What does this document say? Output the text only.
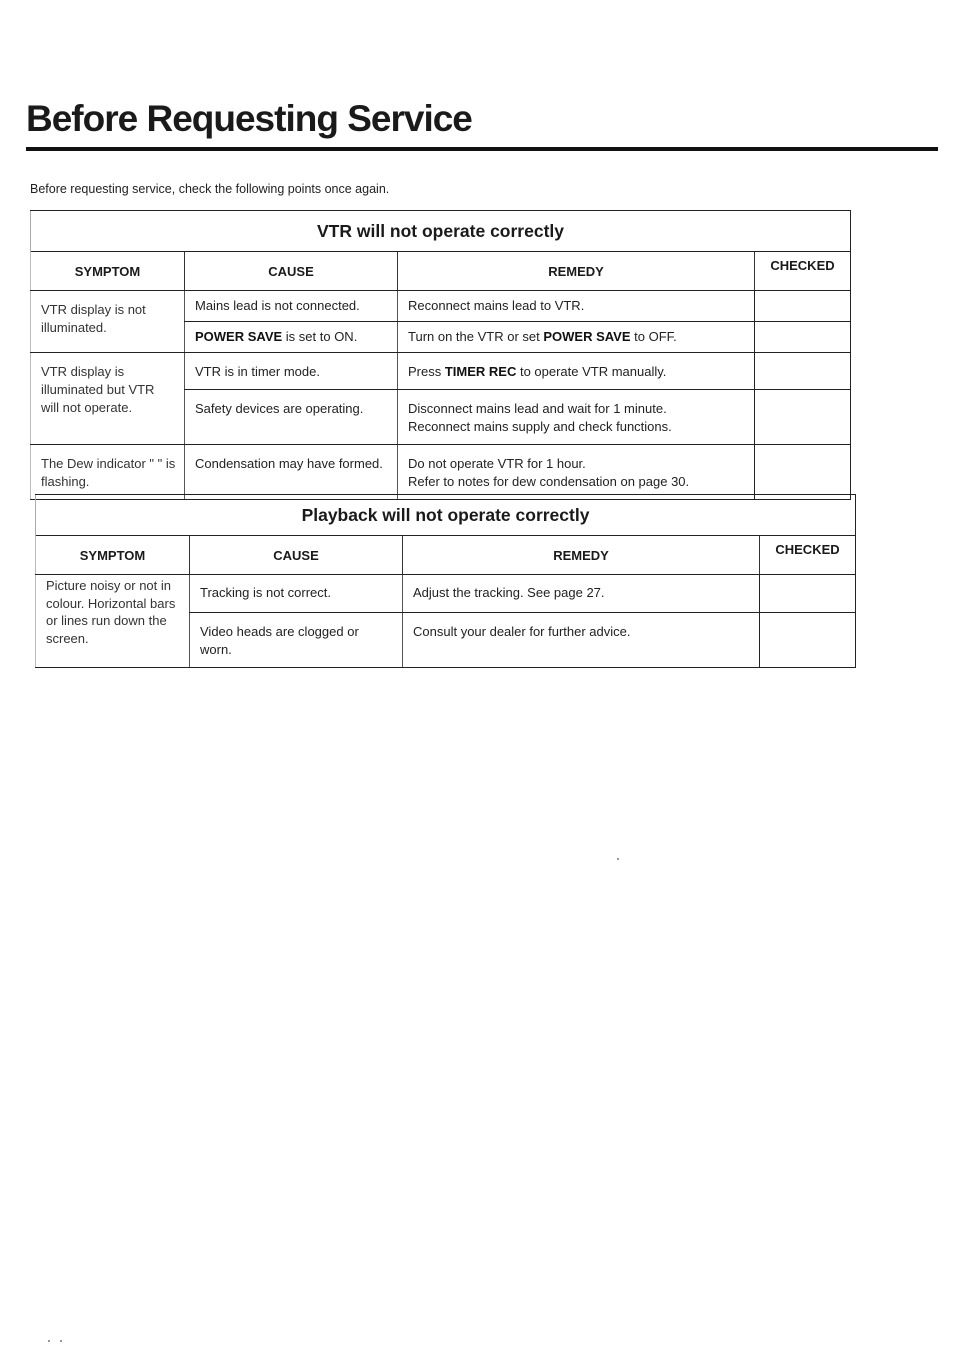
Before Requesting Service
Before requesting service, check the following points once again.
VTR will not operate correctly			
SYMPTOM	CAUSE	REMEDY	CHECKED
VTR display is not illuminated.	Mains lead is not connected.	Reconnect mains lead to VTR.	
	POWER SAVE is set to ON.	Turn on the VTR or set POWER SAVE to OFF.	
VTR display is illuminated but VTR will not operate.	VTR is in timer mode.	Press TIMER REC to operate VTR manually.	
	Safety devices are operating.	Disconnect mains lead and wait for 1 minute.
Reconnect mains supply and check functions.	

The Dew indicator " " is flashing.	Condensation may have formed.	Do not operate VTR for 1 hour.
Refer to notes for dew condensation on page 30.	

Playback will not operate correctly			
SYMPTOM	CAUSE	REMEDY	CHECKED
Picture noisy or not in colour. Horizontal bars or lines run down the screen.	Tracking is not correct.	Adjust the tracking. See page 27.	
	Video heads are clogged or worn.	Consult your dealer for further advice.	
